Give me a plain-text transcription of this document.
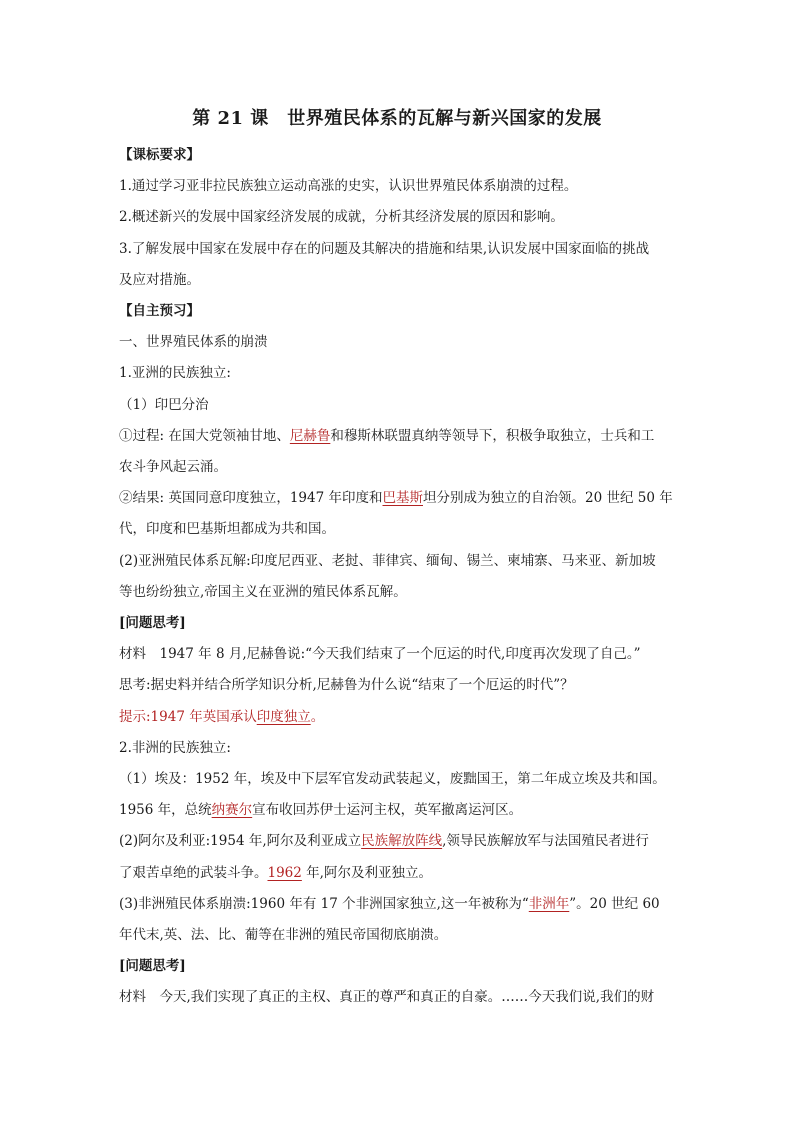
第 21 课　世界殖民体系的瓦解与新兴国家的发展
【课标要求】
1.通过学习亚非拉民族独立运动高涨的史实，认识世界殖民体系崩溃的过程。
2.概述新兴的发展中国家经济发展的成就，分析其经济发展的原因和影响。
3.了解发展中国家在发展中存在的问题及其解决的措施和结果,认识发展中国家面临的挑战
及应对措施。
【自主预习】
一、世界殖民体系的崩溃
1.亚洲的民族独立:
（1）印巴分治
①过程: 在国大党领袖甘地、尼赫鲁和穆斯林联盟真纳等领导下，积极争取独立，士兵和工
农斗争风起云涌。
②结果: 英国同意印度独立，1947 年印度和巴基斯坦分别成为独立的自治领。20 世纪 50 年
代，印度和巴基斯坦都成为共和国。
(2)亚洲殖民体系瓦解:印度尼西亚、老挝、菲律宾、缅甸、锡兰、柬埔寨、马来亚、新加坡
等也纷纷独立,帝国主义在亚洲的殖民体系瓦解。
[问题思考]
材料　1947 年 8 月,尼赫鲁说:“今天我们结束了一个厄运的时代,印度再次发现了自己。”
思考:据史料并结合所学知识分析,尼赫鲁为什么说“结束了一个厄运的时代”？
提示:1947 年英国承认印度独立。
2.非洲的民族独立:
（1）埃及：1952 年，埃及中下层军官发动武装起义，废黜国王，第二年成立埃及共和国。
1956 年，总统纳赛尔宣布收回苏伊士运河主权，英军撤离运河区。
(2)阿尔及利亚:1954 年,阿尔及利亚成立民族解放阵线,领导民族解放军与法国殖民者进行
了艰苦卓绝的武装斗争。1962 年,阿尔及利亚独立。
(3)非洲殖民体系崩溃:1960 年有 17 个非洲国家独立,这一年被称为“非洲年”。20 世纪 60
年代末,英、法、比、葡等在非洲的殖民帝国彻底崩溃。
[问题思考]
材料　今天,我们实现了真正的主权、真正的尊严和真正的自豪。……今天我们说,我们的财
